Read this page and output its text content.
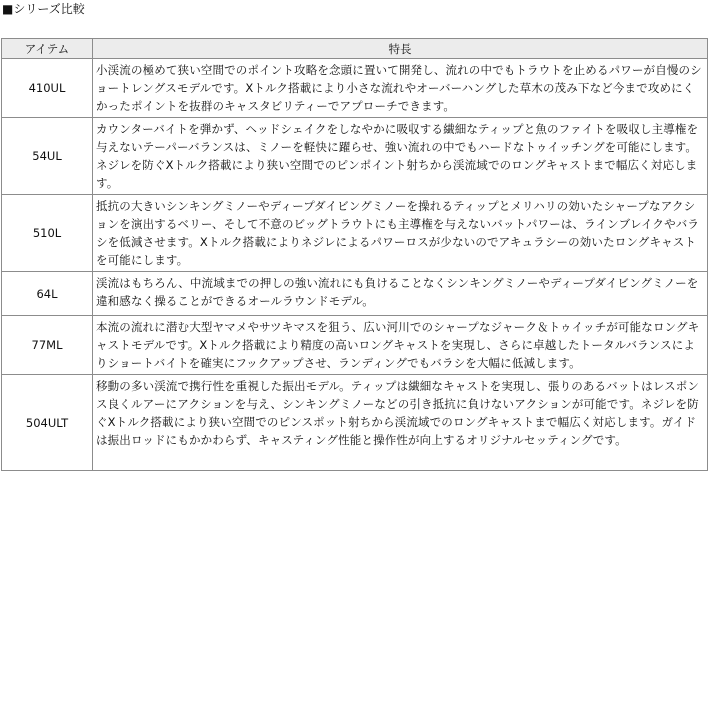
■シリーズ比較
アイテム	特長
410UL	小渓流の極めて狭い空間でのポイント攻略を念頭に置いて開発し、流れの中でもトラウトを止めるパワーが自慢のショートレングスモデルです。Xトルク搭載により小さな流れやオーバーハングした草木の茂み下など今まで攻めにくかったポイントを抜群のキャスタビリティーでアプローチできます。
54UL	カウンターバイトを弾かず、ヘッドシェイクをしなやかに吸収する繊細なティップと魚のファイトを吸収し主導権を与えないテーパーバランスは、ミノーを軽快に躍らせ、強い流れの中でもハードなトゥイッチングを可能にします。ネジレを防ぐXトルク搭載により狭い空間でのピンポイント射ちから渓流域でのロングキャストまで幅広く対応します。
510L	抵抗の大きいシンキングミノーやディープダイビングミノーを操れるティップとメリハリの効いたシャープなアクションを演出するベリー、そして不意のビッグトラウトにも主導権を与えないバットパワーは、ラインブレイクやバラシを低減させます。Xトルク搭載によりネジレによるパワーロスが少ないのでアキュラシーの効いたロングキャストを可能にします。
64L	渓流はもちろん、中流域までの押しの強い流れにも負けることなくシンキングミノーやディープダイビングミノーを違和感なく操ることができるオールラウンドモデル。
77ML	本流の流れに潜む大型ヤマメやサツキマスを狙う、広い河川でのシャープなジャーク＆トゥイッチが可能なロングキャストモデルです。Xトルク搭載により精度の高いロングキャストを実現し、さらに卓越したトータルバランスによりショートバイトを確実にフックアップさせ、ランディングでもバラシを大幅に低減します。
504ULT	移動の多い渓流で携行性を重視した振出モデル。ティップは繊細なキャストを実現し、張りのあるバットはレスポンス良くルアーにアクションを与え、シンキングミノーなどの引き抵抗に負けないアクションが可能です。ネジレを防ぐXトルク搭載により狭い空間でのピンスポット射ちから渓流域でのロングキャストまで幅広く対応します。ガイドは振出ロッドにもかかわらず、キャスティング性能と操作性が向上するオリジナルセッティングです。
